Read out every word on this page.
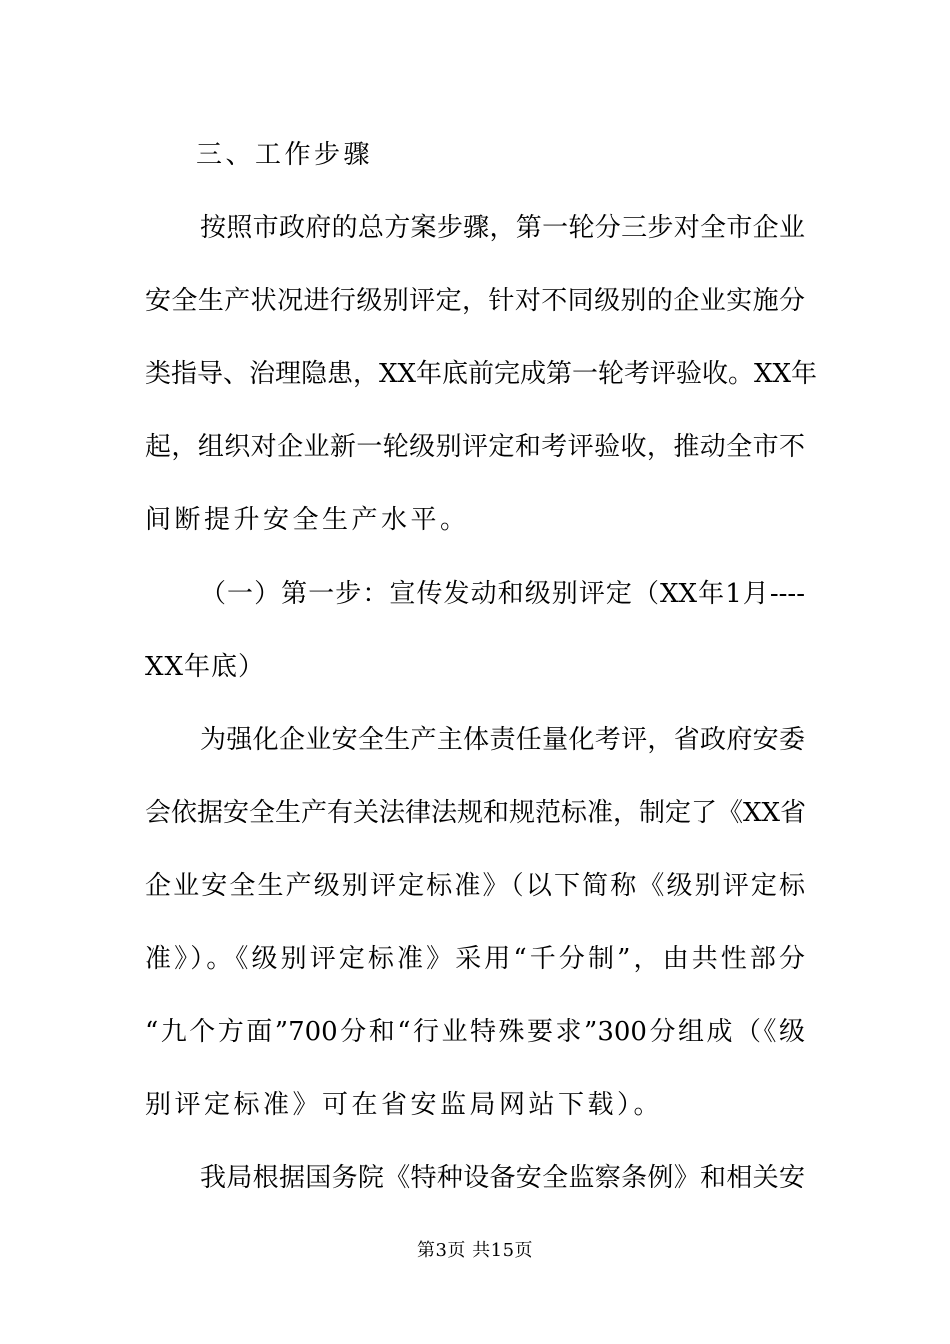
三、工作步骤
按照市政府的总方案步骤，第一轮分三步对全市企业
安全生产状况进行级别评定，针对不同级别的企业实施分
类指导、治理隐患，XX年底前完成第一轮考评验收。XX年
起，组织对企业新一轮级别评定和考评验收，推动全市不
间断提升安全生产水平。
（一）第一步：宣传发动和级别评定（XX年1月----
XX年底）
为强化企业安全生产主体责任量化考评，省政府安委
会依据安全生产有关法律法规和规范标准，制定了《XX省
企业安全生产级别评定标准》（以下简称《级别评定标
准》）。《级别评定标准》采用“千分制”，由共性部分
“九个方面”700分和“行业特殊要求”300分组成（《级
别评定标准》可在省安监局网站下载）。
我局根据国务院《特种设备安全监察条例》和相关安
第3页 共15页
